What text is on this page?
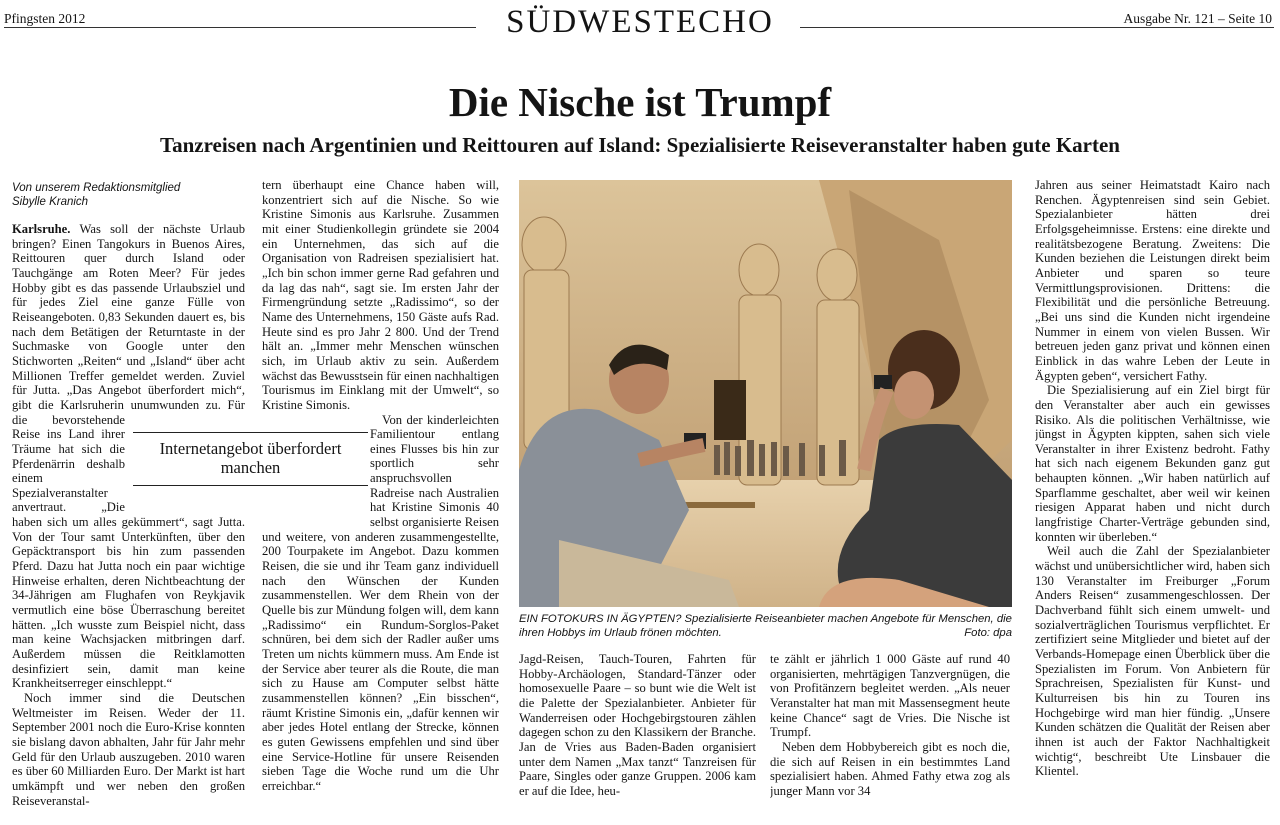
Pfingsten 2012	SÜDWESTECHO	Ausgabe Nr. 121 – Seite 10
Die Nische ist Trumpf
Tanzreisen nach Argentinien und Reittouren auf Island: Spezialisierte Reiseveranstalter haben gute Karten
Von unserem Redaktionsmitglied
Sibylle Kranich

Karlsruhe. Was soll der nächste Urlaub bringen? Einen Tangokurs in Buenos Aires, Reittouren quer durch Island oder Tauchgänge am Roten Meer? Für jedes Hobby gibt es das passende Urlaubsziel und für jedes Ziel eine ganze Fülle von Reiseangeboten. 0,83 Sekunden dauert es, bis nach dem Betätigen der Returntaste in der Suchmaske von Google unter den Stichworten „Reiten“ und „Island“ über acht Millionen Treffer gemeldet werden. Zuviel für Jutta. „Das Angebot überfordert mich“, gibt die Karlsruherin unumwunden zu. Für die bevorstehende Reise ins Land ihrer Träume hat sich die Pferdenärrin deshalb einem Spezialveranstalter anvertraut. „Die haben sich um alles gekümmert“, sagt Jutta. Von der Tour samt Unterkünften, über den Gepäcktransport bis hin zum passenden Pferd. Dazu hat Jutta noch ein paar wichtige Hinweise erhalten, deren Nichtbeachtung der 34-Jährigen am Flughafen von Reykjavik vermutlich eine böse Überraschung bereitet hätten. „Ich wusste zum Beispiel nicht, dass man keine Wachsjacken mitbringen darf. Außerdem müssen die Reitklamotten desinfiziert sein, damit man keine Krankheitserreger einschleppt.“

Noch immer sind die Deutschen Weltmeister im Reisen. Weder der 11. September 2001 noch die Euro-Krise konnten sie bislang davon abhalten, Jahr für Jahr mehr Geld für den Urlaub auszugeben. 2010 waren es über 60 Milliarden Euro. Der Markt ist hart umkämpft und wer neben den großen Reiseveranstal-

tern überhaupt eine Chance haben will, konzentriert sich auf die Nische. So wie Kristine Simonis aus Karlsruhe. Zusammen mit einer Studienkollegin gründete sie 2004 ein Unternehmen, das sich auf die Organisation von Radreisen spezialisiert hat. „Ich bin schon immer gerne Rad gefahren und da lag das nah“, sagt sie. Im ersten Jahr der Firmengründung setzte „Radissimo“, so der Name des Unternehmens, 150 Gäste aufs Rad. Heute sind es pro Jahr 2 800. Und der Trend hält an. „Immer mehr Menschen wünschen sich, im Urlaub aktiv zu sein. Außerdem wächst das Bewusstsein für einen nachhaltigen Tourismus im Einklang mit der Umwelt“, so Kristine Simonis.

Von der kinderleichten Familientour entlang eines Flusses bis hin zur sportlich sehr anspruchsvollen Radreise nach Australien hat Kristine Simonis 40 selbst organisierte Reisen und weitere, von anderen zusammengestellte, 200 Tourpakete im Angebot. Dazu kommen Reisen, die sie und ihr Team ganz individuell nach den Wünschen der Kunden zusammenstellen. Wer dem Rhein von der Quelle bis zur Mündung folgen will, dem kann „Radissimo“ ein Rundum-Sorglos-Paket schnüren, bei dem sich der Radler außer ums Treten um nichts kümmern muss. Am Ende ist der Service aber teurer als die Route, die man sich zu Hause am Computer selbst hätte zusammenstellen können? „Ein bisschen“, räumt Kristine Simonis ein, „dafür kennen wir aber jedes Hotel entlang der Strecke, können es guten Gewissens empfehlen und sind über eine Service-Hotline für unsere Reisenden sieben Tage die Woche rund um die Uhr erreichbar.“

Internetangebot überfordert manchen
EIN FOTOKURS IN ÄGYPTEN? Spezialisierte Reiseanbieter machen Angebote für Menschen, die ihren Hobbys im Urlaub frönen möchten.	Foto: dpa

Jagd-Reisen, Tauch-Touren, Fahrten für Hobby-Archäologen, Standard-Tänzer oder homosexuelle Paare – so bunt wie die Welt ist die Palette der Spezialanbieter. Anbieter für Wanderreisen oder Hochgebirgstouren zählen dagegen schon zu den Klassikern der Branche. Jan de Vries aus Baden-Baden organisiert unter dem Namen „Max tanzt“ Tanzreisen für Paare, Singles oder ganze Gruppen. 2006 kam er auf die Idee, heu-

te zählt er jährlich 1 000 Gäste auf rund 40 organisierten, mehrtägigen Tanzvergnügen, die von Profitänzern begleitet werden. „Als neuer Veranstalter hat man mit Massensegment heute keine Chance“ sagt de Vries. Die Nische ist Trumpf.

Neben dem Hobbybereich gibt es noch die, die sich auf Reisen in ein bestimmtes Land spezialisiert haben. Ahmed Fathy etwa zog als junger Mann vor 34

Jahren aus seiner Heimatstadt Kairo nach Renchen. Ägyptenreisen sind sein Gebiet. Spezialanbieter hätten drei Erfolgsgeheimnisse. Erstens: eine direkte und realitätsbezogene Beratung. Zweitens: Die Kunden beziehen die Leistungen direkt beim Anbieter und sparen so teure Vermittlungsprovisionen. Drittens: die Flexibilität und die persönliche Betreuung. „Bei uns sind die Kunden nicht irgendeine Nummer in einem von vielen Bussen. Wir betreuen jeden ganz privat und können einen Einblick in das wahre Leben der Leute in Ägypten geben“, versichert Fathy.

Die Spezialisierung auf ein Ziel birgt für den Veranstalter aber auch ein gewisses Risiko. Als die politischen Verhältnisse, wie jüngst in Ägypten kippten, sahen sich viele Veranstalter in ihrer Existenz bedroht. Fathy hat sich nach eigenem Bekunden ganz gut behaupten können. „Wir haben natürlich auf Sparflamme geschaltet, aber weil wir keinen riesigen Apparat haben und nicht durch langfristige Charter-Verträge gebunden sind, konnten wir überleben.“

Weil auch die Zahl der Spezialanbieter wächst und unübersichtlicher wird, haben sich 130 Veranstalter im Freiburger „Forum Anders Reisen“ zusammengeschlossen. Der Dachverband fühlt sich einem umwelt- und sozialverträglichen Tourismus verpflichtet. Er zertifiziert seine Mitglieder und bietet auf der Verbands-Homepage einen Überblick über die Spezialisten im Forum. Von Anbietern für Sprachreisen, Spezialisten für Kunst- und Kulturreisen bis hin zu Touren ins Hochgebirge wird man hier fündig. „Unsere Kunden schätzen die Qualität der Reisen aber ihnen ist auch der Faktor Nachhaltigkeit wichtig“, beschreibt Ute Linsbauer die Klientel.
